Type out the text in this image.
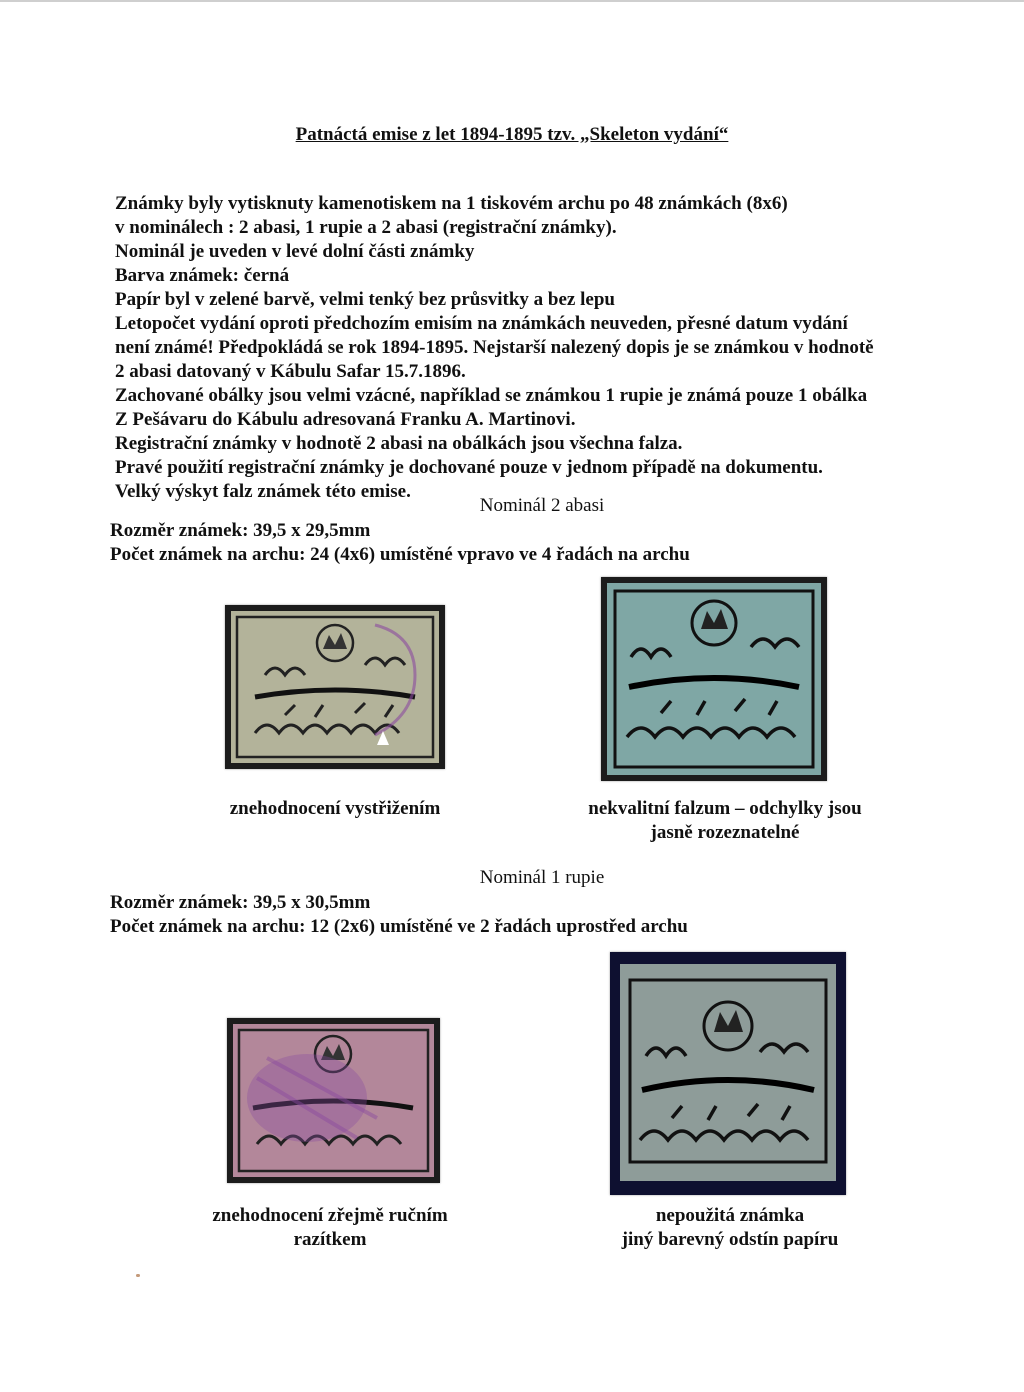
Patnáctá emise z let 1894-1895 tzv. „Skeleton vydání“
Známky byly vytisknuty kamenotiskem na 1 tiskovém archu po 48 známkách (8x6)
v nominálech : 2 abasi, 1 rupie a 2 abasi (registrační známky).
Nominál je uveden v levé dolní části známky
Barva známek: černá
Papír byl v zelené barvě, velmi tenký bez průsvitky a bez lepu
Letopočet vydání oproti předchozím emisím na známkách neuveden, přesné datum vydání
není známé! Předpokládá se rok 1894-1895. Nejstarší nalezený dopis je se známkou v hodnotě
2 abasi datovaný v Kábulu Safar 15.7.1896.
Zachované obálky jsou velmi vzácné, například se známkou 1 rupie je známá pouze 1 obálka
Z Pešávaru do Kábulu adresovaná Franku A. Martinovi.
Registrační známky v hodnotě 2 abasi na obálkách jsou všechna falza.
Pravé použití registrační známky je dochované pouze v jednom případě na dokumentu.
Velký výskyt falz známek této emise.
Nominál 2 abasi
Rozměr známek: 39,5 x 29,5mm
Počet známek na archu: 24 (4x6) umístěné vpravo ve 4 řadách na archu
znehodnocení vystřižením	nekvalitní falzum – odchylky jsou
jasně rozeznatelné
Nominál 1 rupie
Rozměr známek: 39,5 x 30,5mm
Počet známek na archu: 12 (2x6) umístěné ve 2 řadách uprostřed archu
znehodnocení zřejmě ručním
razítkem
nepoužitá známka
jiný barevný odstín papíru
